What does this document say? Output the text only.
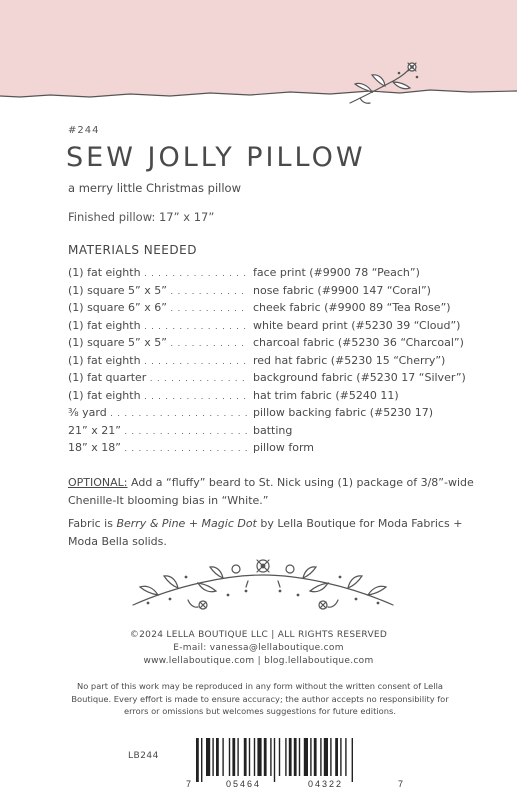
#244
SEW JOLLY PILLOW
a merry little Christmas pillow
Finished pillow: 17” x 17”
MATERIALS NEEDED
(1) fat eighth . . .	face print (#9900 78 “Peach”)
(1) square 5” x 5” . . .	nose fabric (#9900 147 “Coral”)
(1) square 6” x 6” . . .	cheek fabric (#9900 89 “Tea Rose”)
(1) fat eighth . . .	white beard print (#5230 39 “Cloud”)
(1) square 5” x 5” . . .	charcoal fabric (#5230 36 “Charcoal”)
(1) fat eighth . . .	red hat fabric (#5230 15 “Cherry”)
(1) fat quarter . . .	background fabric (#5230 17 “Silver”)
(1) fat eighth . . .	hat trim fabric (#5240 11)
⅜ yard . . .	pillow backing fabric (#5230 17)
21” x 21” . . .	batting
18” x 18” . . .	pillow form
OPTIONAL: Add a “fluffy” beard to St. Nick using (1) package of 3/8”-wide Chenille-It blooming bias in “White.”
Fabric is Berry & Pine + Magic Dot by Lella Boutique for Moda Fabrics + Moda Bella solids.
©2024 LELLA BOUTIQUE LLC | ALL RIGHTS RESERVED
E-mail: vanessa@lellaboutique.com
www.lellaboutique.com | blog.lellaboutique.com
No part of this work may be reproduced in any form without the written consent of Lella Boutique. Every effort is made to ensure accuracy; the author accepts no responsibility for errors or omissions but welcomes suggestions for future editions.
LB244
7	05464	04322	7
